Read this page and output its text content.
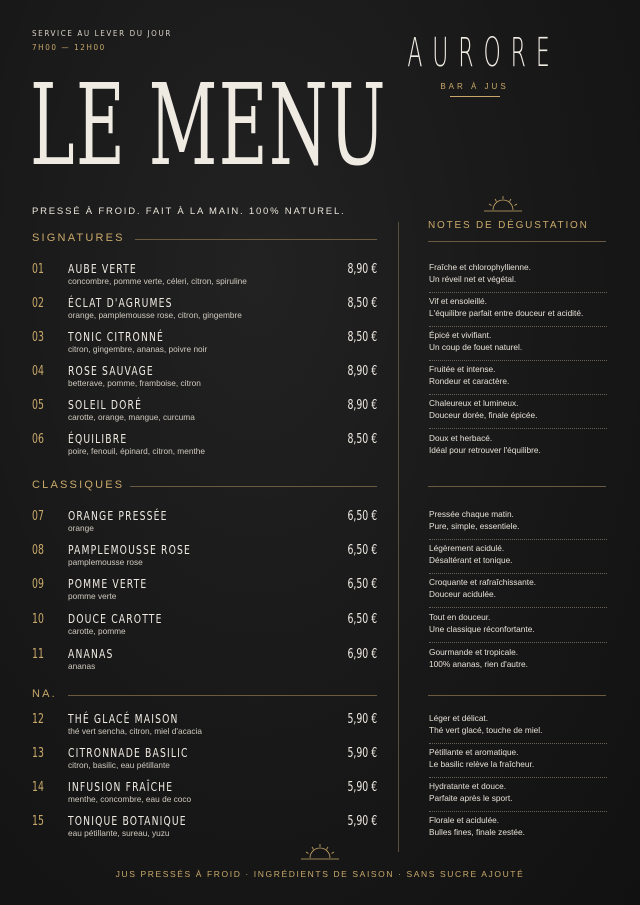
SERVICE AU LEVER DU JOUR
7H00 — 12H00
LE MENU
AURORE
BAR À JUS
PRESSÉ À FROID. FAIT À LA MAIN. 100% NATUREL.
NOTES DE DÉGUSTATION
SIGNATURES
01 AUBE VERTE
concombre, pomme verte, céleri, citron, spiruline
8,90 €	Fraîche et chlorophyllienne.
Un réveil net et végétal.
02 ÉCLAT D'AGRUMES
orange, pamplemousse rose, citron, gingembre
8,50 €	Vif et ensoleillé.
L'équilibre parfait entre douceur et acidité.
03 TONIC CITRONNÉ
citron, gingembre, ananas, poivre noir
8,50 €	Épicé et vivifiant.
Un coup de fouet naturel.
04 ROSE SAUVAGE
betterave, pomme, framboise, citron
8,90 €	Fruitée et intense.
Rondeur et caractère.
05 SOLEIL DORÉ
carotte, orange, mangue, curcuma
8,90 €	Chaleureux et lumineux.
Douceur dorée, finale épicée.
06 ÉQUILIBRE
poire, fenouil, épinard, citron, menthe
8,50 €	Doux et herbacé.
Idéal pour retrouver l'équilibre.
CLASSIQUES
07 ORANGE PRESSÉE
orange
6,50 €	Pressée chaque matin.
Pure, simple, essentiele.
08 PAMPLEMOUSSE ROSE
pamplemousse rose
6,50 €	Légèrement acidulé.
Désaltérant et tonique.
09 POMME VERTE
pomme verte
6,50 €	Croquante et rafraîchissante.
Douceur acidulée.
10 DOUCE CAROTTE
carotte, pomme
6,50 €	Tout en douceur.
Une classique réconfortante.
11 ANANAS
ananas
6,90 €	Gourmande et tropicale.
100% ananas, rien d'autre.
NA.
12 THÉ GLACÉ MAISON
thé vert sencha, citron, miel d'acacia
5,90 €	Léger et délicat.
Thé vert glacé, touche de miel.
13 CITRONNADE BASILIC
citron, basilic, eau pétillante
5,90 €	Pétillante et aromatique.
Le basilic relève la fraîcheur.
14 INFUSION FRAÎCHE
menthe, concombre, eau de coco
5,90 €	Hydratante et douce.
Parfaite après le sport.
15 TONIQUE BOTANIQUE
eau pétillante, sureau, yuzu
5,90 €	Florale et acidulée.
Bulles fines, finale zestée.
JUS PRESSÉS À FROID · INGRÉDIENTS DE SAISON · SANS SUCRE AJOUTÉ
